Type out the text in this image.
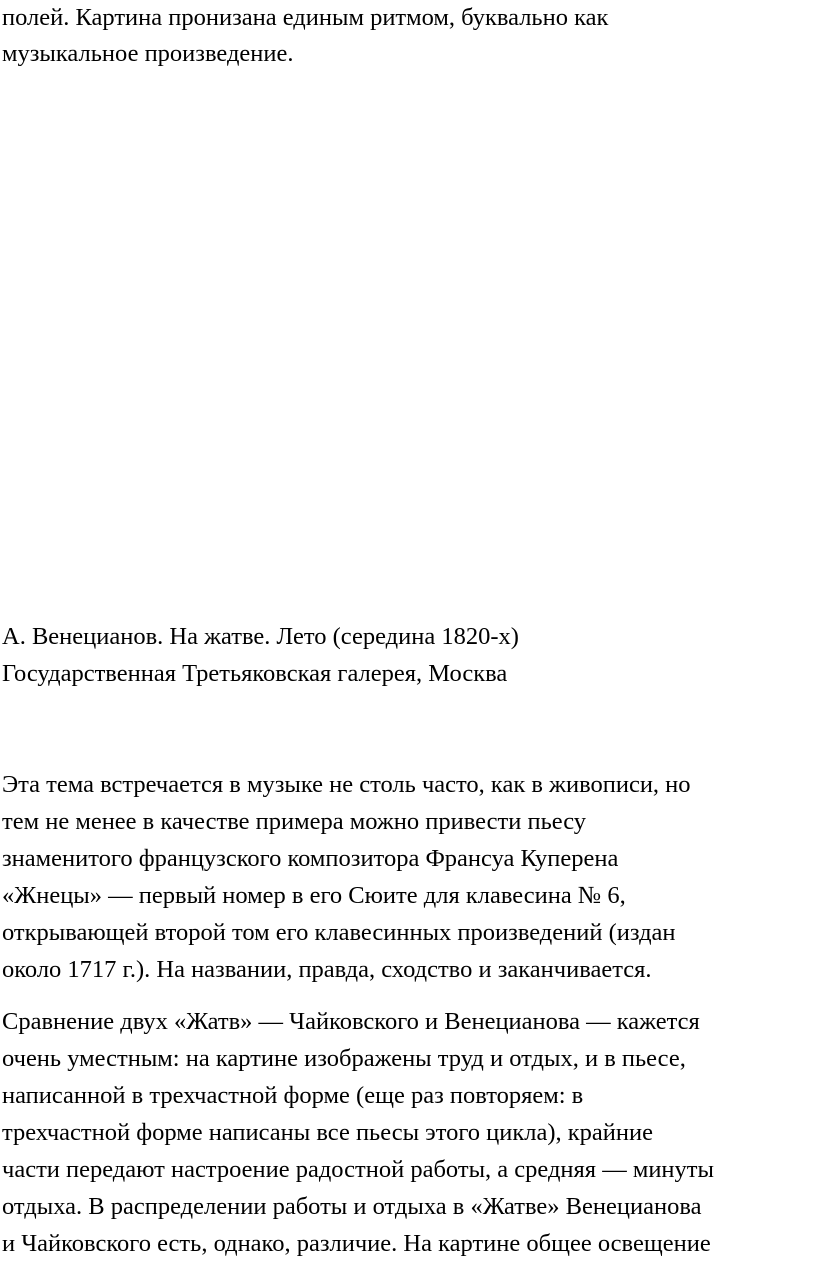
полей. Картина пронизана единым ритмом, буквально как

музыкальное произведение.

А. Венецианов. На жатве. Лето (середина 1820-х)

Государственная Третьяковская галерея, Москва

Эта тема встречается в музыке не столь часто, как в живописи, но

тем не менее в качестве примера можно привести пьесу

знаменитого французского композитора Франсуа Куперена

«Жнецы» — первый номер в его Сюите для клавесина № 6,

открывающей второй том его клавесинных произведений (издан

около 1717 г.). На названии, правда, сходство и заканчивается.

Сравнение двух «Жатв» — Чайковского и Венецианова — кажется

очень уместным: на картине изображены труд и отдых, и в пьесе,

написанной в трехчастной форме (еще раз повторяем: в

трехчастной форме написаны все пьесы этого цикла), крайние

части передают настроение радостной работы, а средняя — минуты

отдыха. В распределении работы и отдыха в «Жатве» Венецианова

и Чайковского есть, однако, различие. На картине общее освещение
